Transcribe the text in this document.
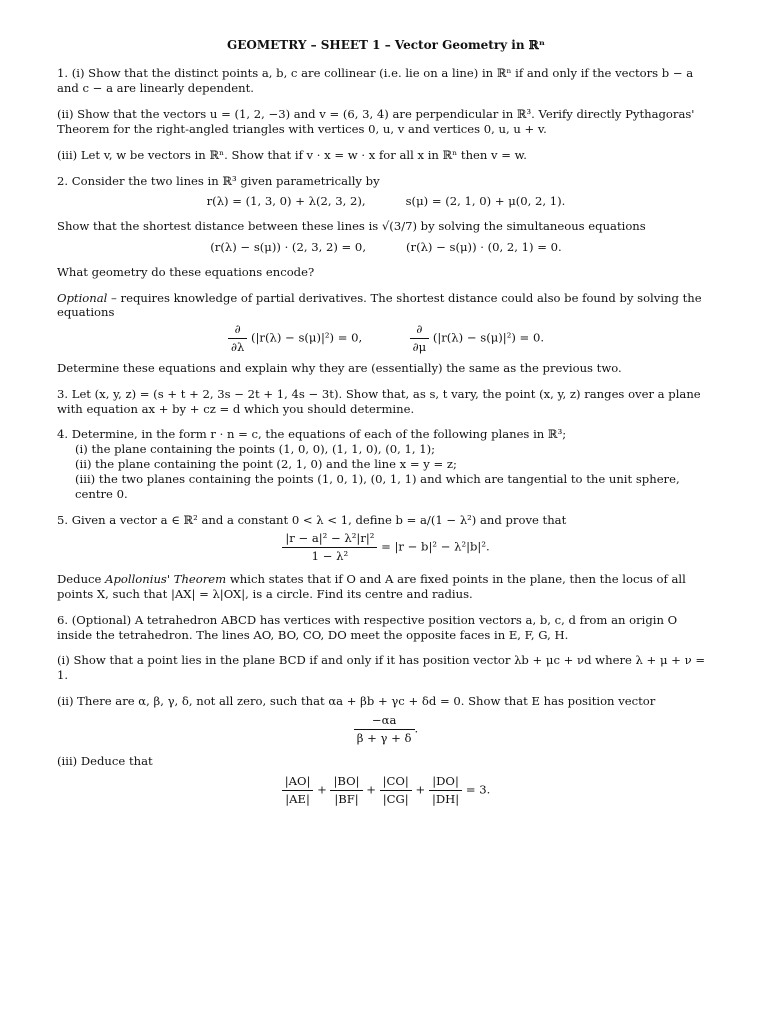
GEOMETRY – SHEET 1 – Vector Geometry in ℝⁿ

1. (i) Show that the distinct points a, b, c are collinear (i.e. lie on a line) in ℝⁿ if and only if the vectors b − a and c − a are linearly dependent.

(ii) Show that the vectors u = (1, 2, −3) and v = (6, 3, 4) are perpendicular in ℝ³. Verify directly Pythagoras' Theorem for the right-angled triangles with vertices 0, u, v and vertices 0, u, u + v.

(iii) Let v, w be vectors in ℝⁿ. Show that if v · x = w · x for all x in ℝⁿ then v = w.

2. Consider the two lines in ℝ³ given parametrically by

r(λ) = (1, 3, 0) + λ(2, 3, 2),	s(μ) = (2, 1, 0) + μ(0, 2, 1).

Show that the shortest distance between these lines is √(3/7) by solving the simultaneous equations

(r(λ) − s(μ)) · (2, 3, 2) = 0,	(r(λ) − s(μ)) · (0, 2, 1) = 0.

What geometry do these equations encode?

Optional – requires knowledge of partial derivatives. The shortest distance could also be found by solving the equations

$\frac{\partial}{\partial\lambda} (|r(\lambda) - s(\mu)|^2) = 0$,	$\frac{\partial}{\partial\mu} (|r(\lambda) - s(\mu)|^2) = 0$.

Determine these equations and explain why they are (essentially) the same as the previous two.

3. Let (x, y, z) = (s + t + 2, 3s − 2t + 1, 4s − 3t). Show that, as s, t vary, the point (x, y, z) ranges over a plane with equation ax + by + cz = d which you should determine.

4. Determine, in the form r · n = c, the equations of each of the following planes in ℝ³;
(i) the plane containing the points (1, 0, 0), (1, 1, 0), (0, 1, 1);
(ii) the plane containing the point (2, 1, 0) and the line x = y = z;
(iii) the two planes containing the points (1, 0, 1), (0, 1, 1) and which are tangential to the unit sphere, centre 0.

5. Given a vector a ∈ ℝ² and a constant 0 < λ < 1, define b = a/(1 − λ²) and prove that

$\frac{\text{|r − a|² − λ²|r|²}}{\text{1 − λ²}} = |r - b|^2 - \lambda^2|b|^2$.

Deduce Apollonius' Theorem which states that if O and A are fixed points in the plane, then the locus of all points X, such that |AX| = λ|OX|, is a circle. Find its centre and radius.

6. (Optional) A tetrahedron ABCD has vertices with respective position vectors a, b, c, d from an origin O inside the tetrahedron. The lines AO, BO, CO, DO meet the opposite faces in E, F, G, H.

(i) Show that a point lies in the plane BCD if and only if it has position vector λb + μc + νd where λ + μ + ν = 1.

(ii) There are α, β, γ, δ, not all zero, such that αa + βb + γc + δd = 0. Show that E has position vector

$\frac{-\alpha a}{\beta + \gamma + \delta}$ .

(iii) Deduce that

$\frac{|AO|}{|AE|} + \frac{|BO|}{|BF|} + \frac{|CO|}{|CG|} + \frac{|DO|}{|DH|} = 3$.
